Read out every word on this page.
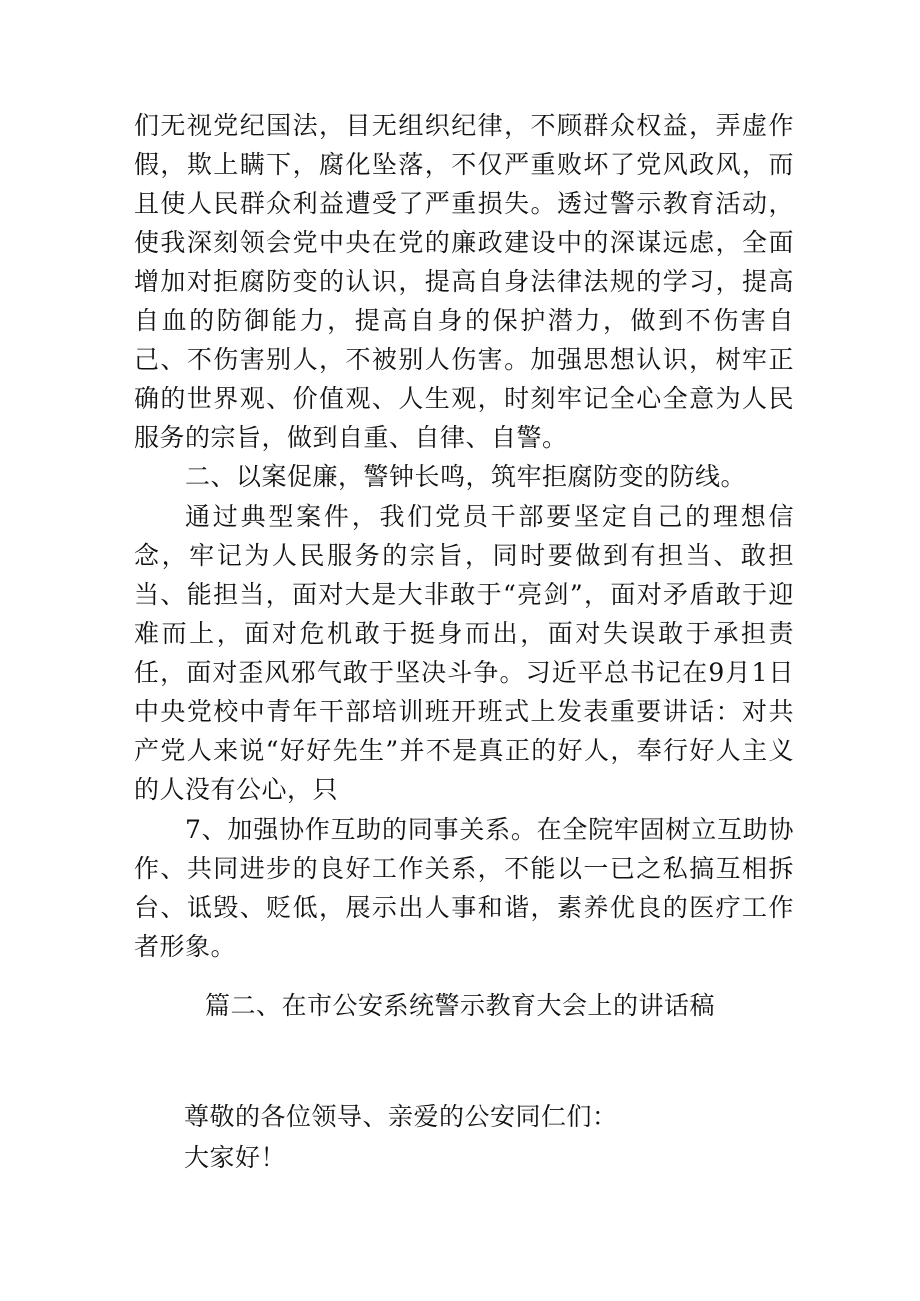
们无视党纪国法，目无组织纪律，不顾群众权益，弄虚作假，欺上瞒下，腐化坠落，不仅严重败坏了党风政风，而且使人民群众利益遭受了严重损失。透过警示教育活动，使我深刻领会党中央在党的廉政建设中的深谋远虑，全面增加对拒腐防变的认识，提高自身法律法规的学习，提高自血的防御能力，提高自身的保护潜力，做到不伤害自己、不伤害别人，不被别人伤害。加强思想认识，树牢正确的世界观、价值观、人生观，时刻牢记全心全意为人民服务的宗旨，做到自重、自律、自警。

二、以案促廉，警钟长鸣，筑牢拒腐防变的防线。

通过典型案件，我们党员干部要坚定自己的理想信念，牢记为人民服务的宗旨，同时要做到有担当、敢担当、能担当，面对大是大非敢于“亮剑”，面对矛盾敢于迎难而上，面对危机敢于挺身而出，面对失误敢于承担责任，面对歪风邪气敢于坚决斗争。习近平总书记在9月1日中央党校中青年干部培训班开班式上发表重要讲话：对共产党人来说“好好先生”并不是真正的好人，奉行好人主义的人没有公心，只

7、加强协作互助的同事关系。在全院牢固树立互助协作、共同进步的良好工作关系，不能以一已之私搞互相拆台、诋毁、贬低，展示出人事和谐，素养优良的医疗工作者形象。

篇二、在市公安系统警示教育大会上的讲话稿

尊敬的各位领导、亲爱的公安同仁们：

大家好！
